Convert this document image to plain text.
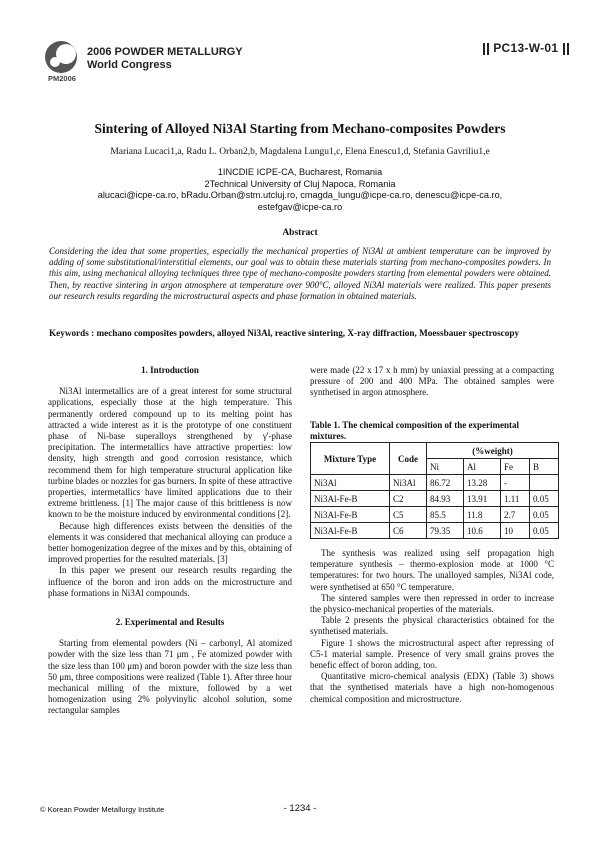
PM2006
2006 POWDER METALLURGY
World Congress
PC13-W-01
Sintering of Alloyed Ni3Al Starting from Mechano-composites Powders
Mariana Lucaci1,a, Radu L. Orban2,b, Magdalena Lungu1,c, Elena Enescu1,d, Stefania Gavriliu1,e
1INCDIE ICPE-CA, Bucharest, Romania
2Technical University of Cluj Napoca, Romania
alucaci@icpe-ca.ro, bRadu.Orban@stm.utcluj.ro, cmagda_lungu@icpe-ca.ro, denescu@icpe-ca.ro,
estefgav@icpe-ca.ro
Abstract
Considering the idea that some properties, especially the mechanical properties of Ni3Al at ambient temperature can be improved by adding of some substitutional/interstitial elements, our goal was to obtain these materials starting from mechano-composites powders. In this aim, using mechanical alloying techniques three type of mechano-composite powders starting from elemental powders were obtained. Then, by reactive sintering in argon atmosphere at temperature over 900°C, alloyed Ni3Al materials were realized. This paper presents our research results regarding the microstructural aspects and phase formation in obtained materials.
Keywords : mechano composites powders, alloyed Ni3Al, reactive sintering, X-ray diffraction, Moessbauer spectroscopy

1. Introduction

Ni3Al intermetallics are of a great interest for some structural applications, especially those at the high temperature. This permanently ordered compound up to its melting point has attracted a wide interest as it is the prototype of one constituent phase of Ni-base superalloys strengthened by γ'-phase precipitation. The intermetallics have attractive properties: low density, high strength and good corrosion resistance, which recommend them for high temperature structural application like turbine blades or nozzles for gas burners. In spite of these attractive properties, intermetallics have limited applications due to their extreme brittleness. [1] The major cause of this brittleness is now known to be the moisture induced by environmental conditions [2].

Because high differences exists between the densities of the elements it was considered that mechanical alloying can produce a better homogenization degree of the mixes and by this, obtaining of improved properties for the resulted materials. [3]

In this paper we present our research results regarding the influence of the boron and iron adds on the microstructure and phase formations in Ni3Al compounds.

2. Experimental and Results

Starting from elemental powders (Ni – carbonyl, Al atomized powder with the size less than 71 μm , Fe atomized powder with the size less than 100 μm) and boron powder with the size less than 50 μm, three compositions were realized (Table 1). After three hour mechanical milling of the mixture, followed by a wet homogenization using 2% polyvinylic alcohol solution, some rectangular samples

were made (22 x 17 x h mm) by uniaxial pressing at a compacting pressure of 200 and 400 MPa. The obtained samples were synthetised in argon atmosphere.

Table 1. The chemical composition of the experimental mixtures.
Mixture Type	Code	(%weight)			
		Ni	Al	Fe	B
Ni3Al	Ni3Al	86.72	13.28	-	
Ni3Al-Fe-B	C2	84.93	13.91	1.11	0.05
Ni3Al-Fe-B	C5	85.5	11.8	2.7	0.05
Ni3Al-Fe-B	C6	79.35	10.6	10	0.05

The synthesis was realized using self propagation high temperature synthesis – thermo-explosion mode at 1000 °C temperatures: for two hours. The unalloyed samples, Ni3Al code, were synthetised at 650 °C temperature.

The sintered samples were then repressed in order to increase the physico-mechanical properties of the materials.

Table 2 presents the physical characteristics obtained for the synthetised materials.

Figure 1 shows the microstructural aspect after repressing of C5-1 material sample. Presence of very small grains proves the benefic effect of boron adding, too.

Quantitative micro-chemical analysis (EDX) (Table 3) shows that the synthetised materials have a high non-homogenous chemical composition and microstructure.

© Korean Powder Metallurgy Institute	- 1234 -
